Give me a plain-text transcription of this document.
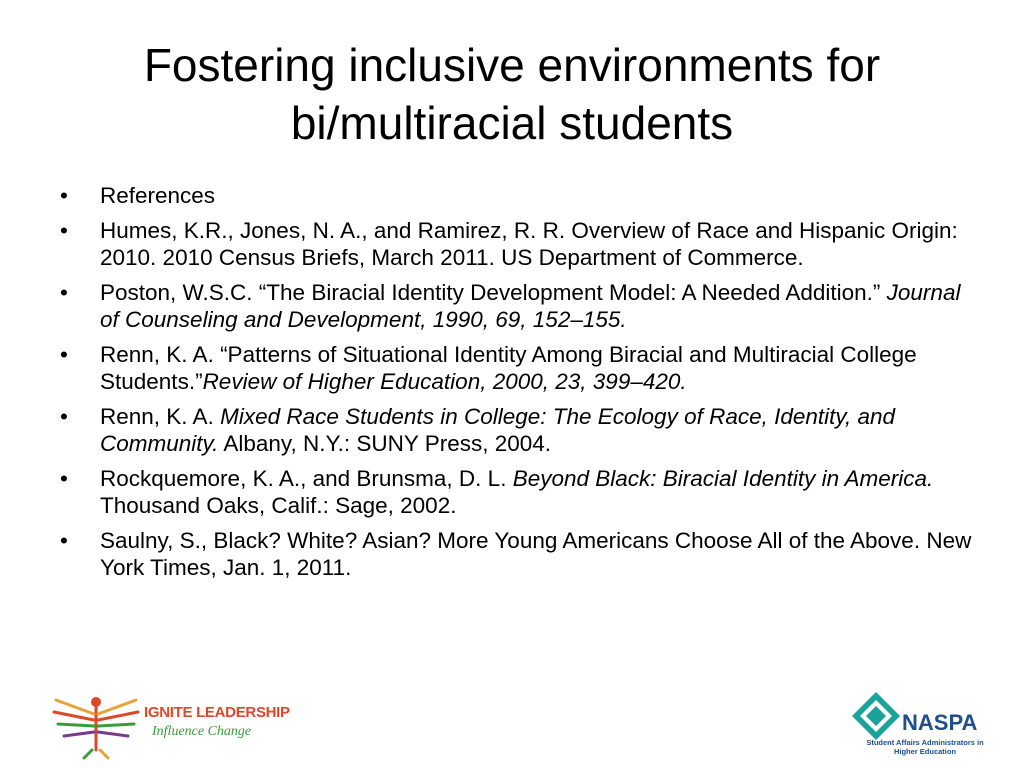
Fostering inclusive environments for
bi/multiracial students
• References
• Humes, K.R., Jones, N. A., and Ramirez, R. R. Overview of Race and Hispanic Origin: 2010. 2010 Census Briefs, March 2011. US Department of Commerce.
• Poston, W.S.C. “The Biracial Identity Development Model: A Needed Addition.” Journal of Counseling and Development, 1990, 69, 152–155.
• Renn, K. A. “Patterns of Situational Identity Among Biracial and Multiracial College Students.”Review of Higher Education, 2000, 23, 399–420.
• Renn, K. A. Mixed Race Students in College: The Ecology of Race, Identity, and Community. Albany, N.Y.: SUNY Press, 2004.
• Rockquemore, K. A., and Brunsma, D. L. Beyond Black: Biracial Identity in America. Thousand Oaks, Calif.: Sage, 2002.
• Saulny, S., Black? White? Asian? More Young Americans Choose All of the Above. New York Times, Jan. 1, 2011.
IGNITE LEADERSHIP
Influence Change	NASPA
Student Affairs Administrators in Higher Education
